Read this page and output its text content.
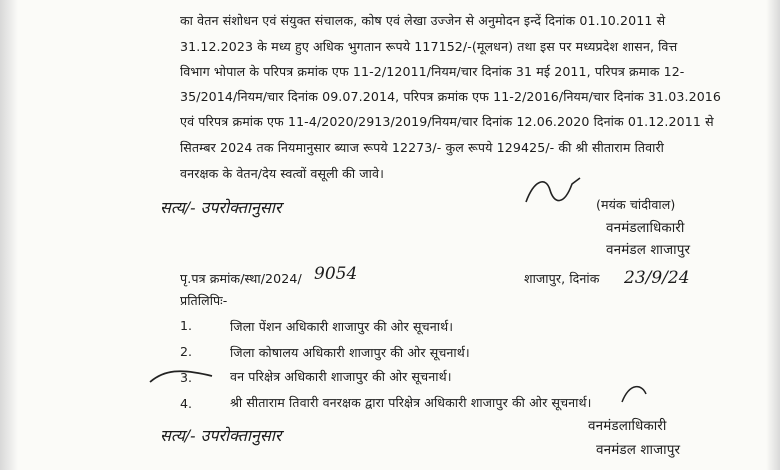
का वेतन संशोधन एवं संयुक्त संचालक, कोष एवं लेखा उज्जेन से अनुमोदन इन्दें दिनांक 01.10.2011 से
31.12.2023 के मध्य हुए अधिक भुगतान रूपये 117152/-(मूलधन) तथा इस पर मध्यप्रदेश शासन, वित्त
विभाग भोपाल के परिपत्र क्रमांक एफ 11-2/12011/नियम/चार दिनांक 31 मई 2011, परिपत्र क्रमाक 12-
35/2014/नियम/चार दिनांक 09.07.2014, परिपत्र क्रमांक एफ 11-2/2016/नियम/चार दिनांक 31.03.2016
एवं परिपत्र क्रमांक एफ 11-4/2020/2913/2019/नियम/चार दिनांक 12.06.2020 दिनांक 01.12.2011 से
सितम्बर 2024 तक नियमानुसार ब्याज रूपये 12273/- कुल रूपये 129425/- की श्री सीताराम तिवारी
वनरक्षक के वेतन/देय स्वत्वों वसूली की जावे।
सत्य/- उपरोक्तानुसार	(मयंक चांदीवाल)
वनमंडलाधिकारी
वनमंडल शाजापुर
पृ.पत्र क्रमांक/स्था/2024/ 9054	शाजापुर, दिनांक 23/9/24
प्रतिलिपिः-
1.	जिला पेंशन अधिकारी शाजापुर की ओर सूचनार्थ।
2.	जिला कोषालय अधिकारी शाजापुर की ओर सूचनार्थ।
3.	वन परिक्षेत्र अधिकारी शाजापुर की ओर सूचनार्थ।
4.	श्री सीताराम तिवारी वनरक्षक द्वारा परिक्षेत्र अधिकारी शाजापुर की ओर सूचनार्थ।
सत्य/- उपरोक्तानुसार	वनमंडलाधिकारी
वनमंडल शाजापुर
